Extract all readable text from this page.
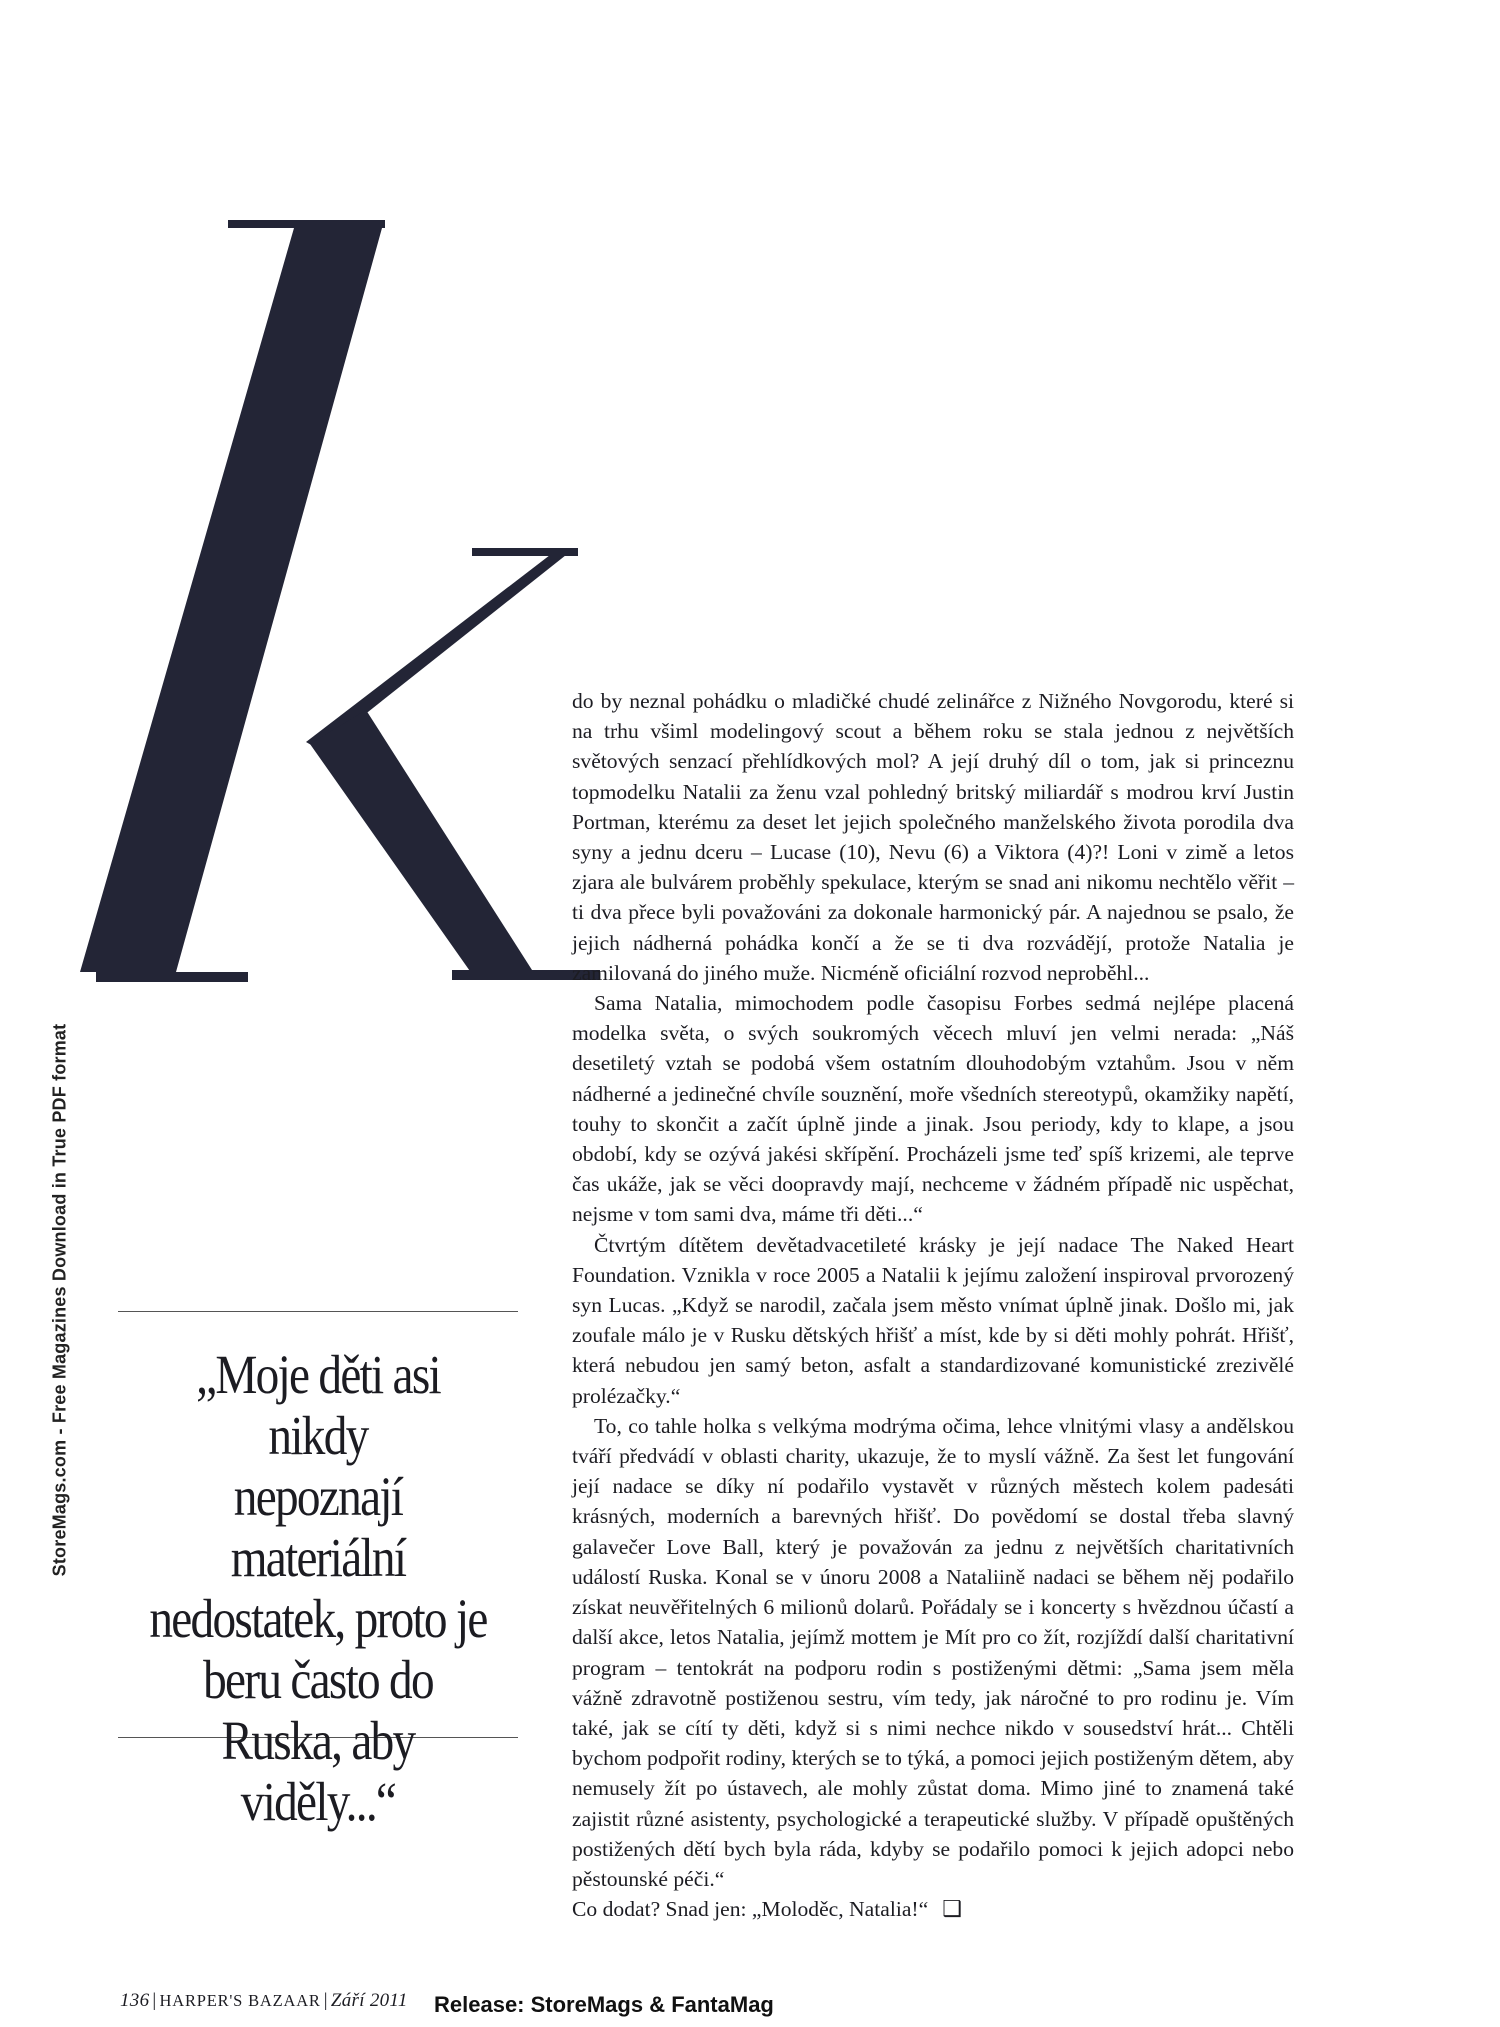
K

do by neznal pohádku o mladičké chudé zelinářce z Nižného Novgorodu, které si na trhu všiml modelingový scout a během roku se stala jednou z největších světových senzací přehlídkových mol? A její druhý díl o tom, jak si princeznu topmodelku Natalii za ženu vzal pohledný britský miliardář s modrou krví Justin Portman, kterému za deset let jejich společného manželského života porodila dva syny a jednu dceru – Lucase (10), Nevu (6) a Viktora (4)?! Loni v zimě a letos zjara ale bulvárem proběhly spekulace, kterým se snad ani nikomu nechtělo věřit – ti dva přece byli považováni za dokonale harmonický pár. A najednou se psalo, že jejich nádherná pohádka končí a že se ti dva rozvádějí, protože Natalia je zamilovaná do jiného muže. Nicméně oficiální rozvod neproběhl...

Sama Natalia, mimochodem podle časopisu Forbes sedmá nejlépe placená modelka světa, o svých soukromých věcech mluví jen velmi nerada: „Náš desetiletý vztah se podobá všem ostatním dlouhodobým vztahům. Jsou v něm nádherné a jedinečné chvíle souznění, moře všedních stereotypů, okamžiky napětí, touhy to skončit a začít úplně jinde a jinak. Jsou periody, kdy to klape, a jsou období, kdy se ozývá jakési skřípění. Procházeli jsme teď spíš krizemi, ale teprve čas ukáže, jak se věci doopravdy mají, nechceme v žádném případě nic uspěchat, nejsme v tom sami dva, máme tři děti...“

Čtvrtým dítětem devětadvacetileté krásky je její nadace The Naked Heart Foundation. Vznikla v roce 2005 a Natalii k jejímu založení inspiroval prvorozený syn Lucas. „Když se narodil, začala jsem město vnímat úplně jinak. Došlo mi, jak zoufale málo je v Rusku dětských hřišť a míst, kde by si děti mohly pohrát. Hřišť, která nebudou jen samý beton, asfalt a standardizované komunistické zrezivělé prolézačky.“

To, co tahle holka s velkýma modrýma očima, lehce vlnitými vlasy a andělskou tváří předvádí v oblasti charity, ukazuje, že to myslí vážně. Za šest let fungování její nadace se díky ní podařilo vystavět v různých městech kolem padesáti krásných, moderních a barevných hřišť. Do povědomí se dostal třeba slavný galavečer Love Ball, který je považován za jednu z největších charitativních událostí Ruska. Konal se v únoru 2008 a Nataliině nadaci se během něj podařilo získat neuvěřitelných 6 milionů dolarů. Pořádaly se i koncerty s hvězdnou účastí a další akce, letos Natalia, jejímž mottem je Mít pro co žít, rozjíždí další charitativní program – tentokrát na podporu rodin s postiženými dětmi: „Sama jsem měla vážně zdravotně postiženou sestru, vím tedy, jak náročné to pro rodinu je. Vím také, jak se cítí ty děti, když si s nimi nechce nikdo v sousedství hrát... Chtěli bychom podpořit rodiny, kterých se to týká, a pomoci jejich postiženým dětem, aby nemusely žít po ústavech, ale mohly zůstat doma. Mimo jiné to znamená také zajistit různé asistenty, psychologické a terapeutické služby. V případě opuštěných postižených dětí bych byla ráda, kdyby se podařilo pomoci k jejich adopci nebo pěstounské péči.“

Co dodat? Snad jen: „Moloděc, Natalia!“ ❑

„Moje děti asi nikdy
nepoznají
materiální
nedostatek, proto je
beru často do
Ruska, aby viděly...“
StoreMags.com - Free Magazines Download in True PDF format
136 | HARPER'S BAZAAR | Září 2011 Release: StoreMags & FantaMag
